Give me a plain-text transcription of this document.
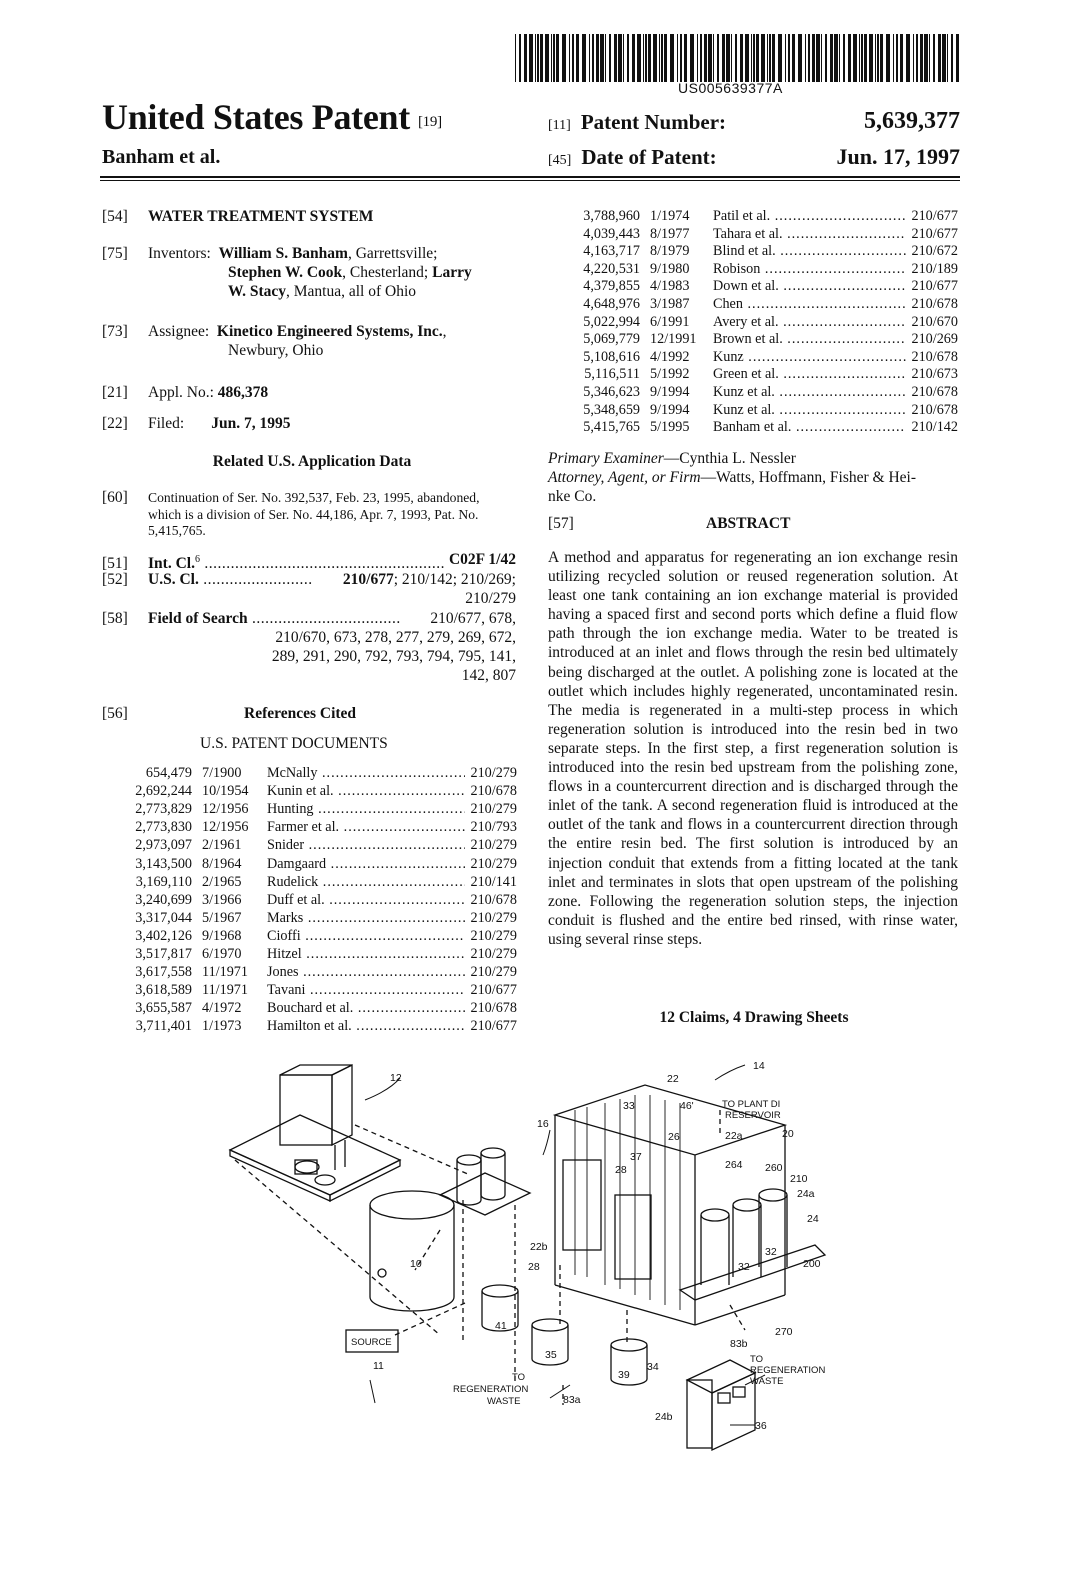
US005639377A
United States Patent [19]
Banham et al.
[11] Patent Number:	5,639,377
[45] Date of Patent:	Jun. 17, 1997
[54] WATER TREATMENT SYSTEM
[75] Inventors: William S. Banham, Garrettsville;
Stephen W. Cook, Chesterland; Larry
W. Stacy, Mantua, all of Ohio
[73] Assignee: Kinetico Engineered Systems, Inc.,
Newbury, Ohio
[21] Appl. No.: 486,378
[22] Filed: Jun. 7, 1995
Related U.S. Application Data
[60] Continuation of Ser. No. 392,537, Feb. 23, 1995, abandoned,
which is a division of Ser. No. 44,186, Apr. 7, 1993, Pat. No.
5,415,765.
[51] Int. Cl.$^6$ ....................................................... C02F 1/42
[52] U.S. Cl. ......................... 210/677; 210/142; 210/269;
210/279
[58] Field of Search .................................. 210/677, 678,
210/670, 673, 278, 277, 279, 269, 672,
289, 291, 290, 792, 793, 794, 795, 141,
142, 807
[56]	References Cited
U.S. PATENT DOCUMENTS
654,479 7/1900 McNally .....	210/279
2,692,244 10/1954 Kunin et al. .....	210/678
2,773,829 12/1956 Hunting .....	210/279
2,773,830 12/1956 Farmer et al. .....	210/793
2,973,097 2/1961 Snider .....	210/279
3,143,500 8/1964 Damgaard .....	210/279
3,169,110 2/1965 Rudelick .....	210/141
3,240,699 3/1966 Duff et al. .....	210/678
3,317,044 5/1967 Marks .....	210/279
3,402,126 9/1968 Cioffi .....	210/279
3,517,817 6/1970 Hitzel .....	210/279
3,617,558 11/1971 Jones .....	210/279
3,618,589 11/1971 Tavani .....	210/677
3,655,587 4/1972 Bouchard et al. .....	210/678
3,711,401 1/1973 Hamilton et al. .....	210/677
3,788,960 1/1974 Patil et al. .....	210/677
4,039,443 8/1977 Tahara et al. .....	210/677
4,163,717 8/1979 Blind et al. .....	210/672
4,220,531 9/1980 Robison .....	210/189
4,379,855 4/1983 Down et al. .....	210/677
4,648,976 3/1987 Chen .....	210/678
5,022,994 6/1991 Avery et al. .....	210/670
5,069,779 12/1991 Brown et al. .....	210/269
5,108,616 4/1992 Kunz .....	210/678
5,116,511 5/1992 Green et al. .....	210/673
5,346,623 9/1994 Kunz et al. .....	210/678
5,348,659 9/1994 Kunz et al. .....	210/678
5,415,765 5/1995 Banham et al. .....	210/142
Primary Examiner—Cynthia L. Nessler
Attorney, Agent, or Firm—Watts, Hoffmann, Fisher & Hei-
nke Co.
[57]	ABSTRACT
A method and apparatus for regenerating an ion exchange resin utilizing recycled solution or reused regeneration solution. At least one tank containing an ion exchange material is provided having a spaced first and second ports which define a fluid flow path through the ion exchange media. Water to be treated is introduced at an inlet and flows through the resin bed ultimately being discharged at the outlet. A polishing zone is located at the outlet which includes highly regenerated, uncontaminated resin. The media is regenerated in a multi-step process in which regeneration solution is introduced into the resin bed in two separate steps. In the first step, a first regeneration solution is introduced into the resin bed upstream from the polishing zone, flows in a countercurrent direction and is discharged through the inlet of the tank. A second regeneration fluid is introduced at the outlet of the tank and flows in a countercurrent direction through the entire resin bed. The first solution is introduced by an injection conduit that extends from a fitting located at the tank inlet and terminates in slots that open upstream of the polishing zone. Following the regeneration solution steps, the injection conduit is flushed and the entire bed rinsed, with rinse water, using several rinse steps.
12 Claims, 4 Drawing Sheets
12
14
16
22
33	46'
26
37
28
22a	20
264 260
210
24a
24
200
22b
28
32
32
10
41
35
11
270
83b
34
39
83a
24b
36
SOURCE
TO PLANT DI
RESERVOIR
TO
REGENERATION
WASTE
TO
REGENERATION
WASTE
